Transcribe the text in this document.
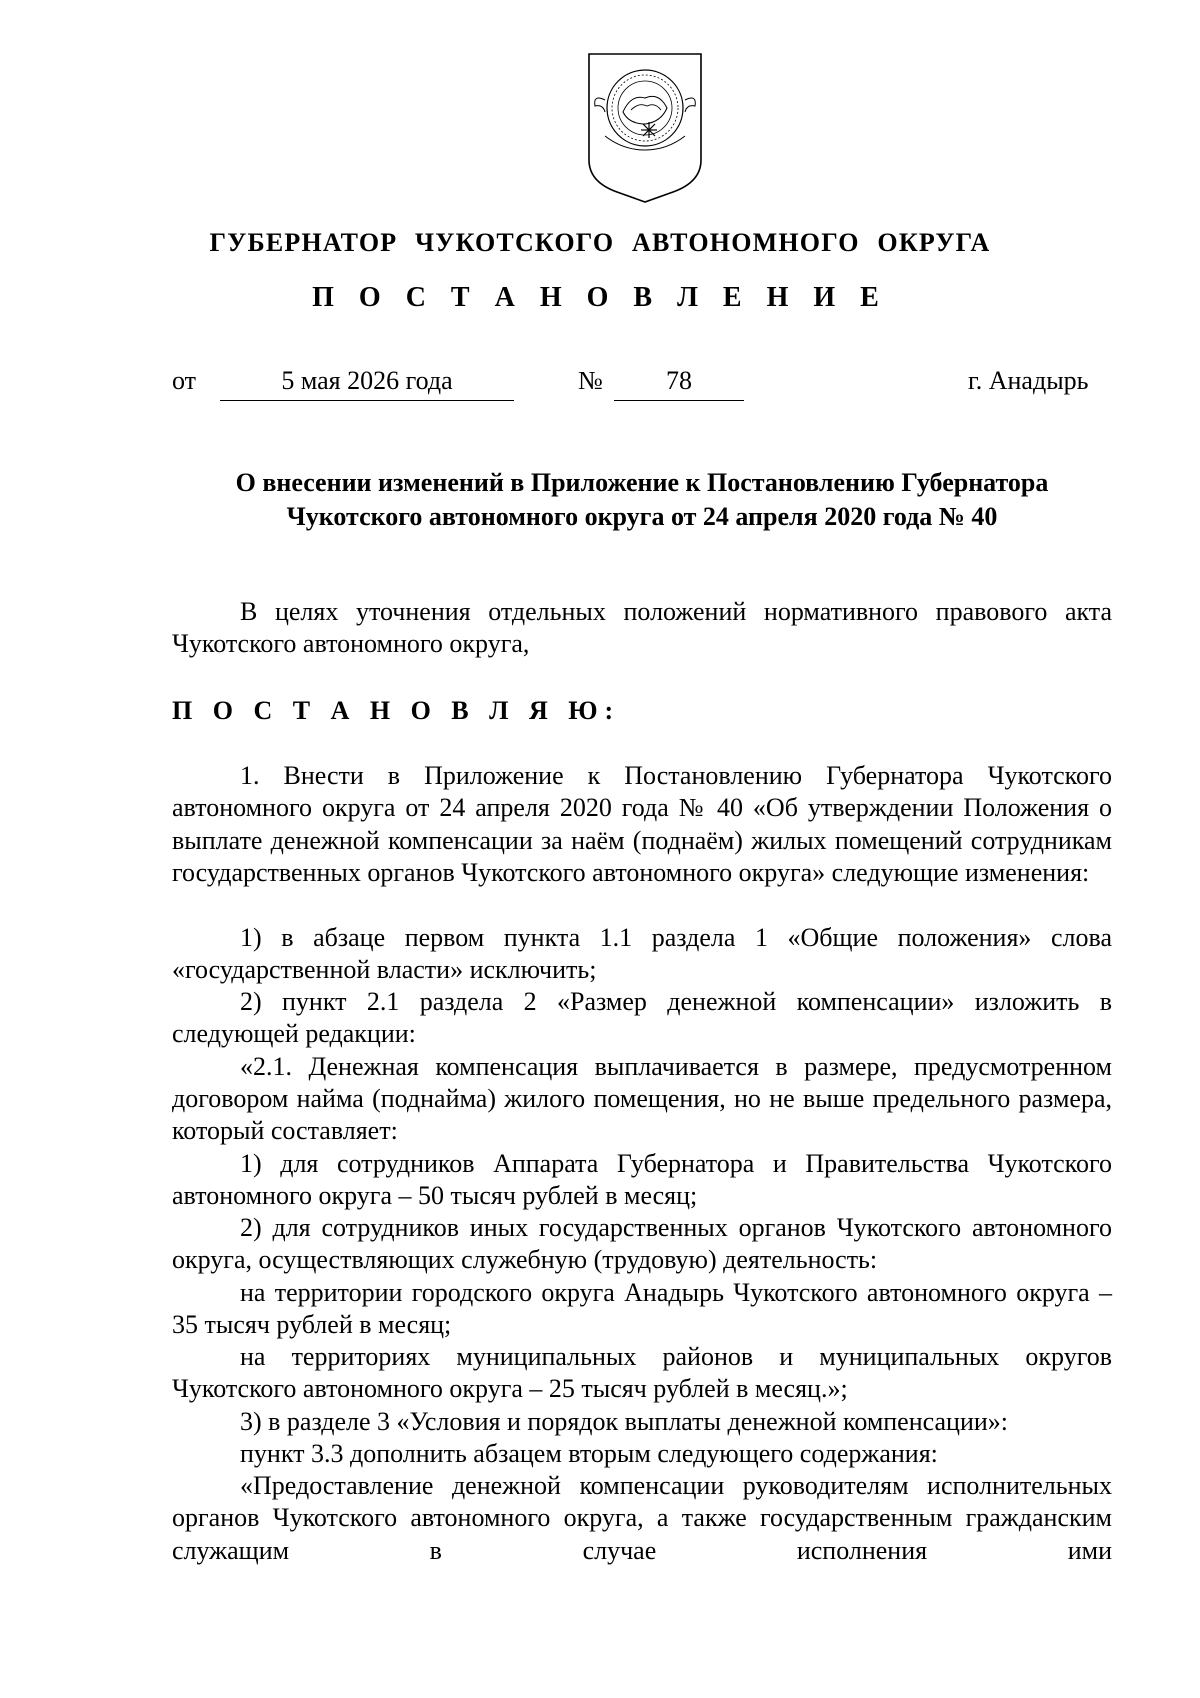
ГУБЕРНАТОР ЧУКОТСКОГО АВТОНОМНОГО ОКРУГА
П О С Т А Н О В Л Е Н И Е
от	5 мая 2026 года	№	78	г. Анадырь
О внесении изменений в Приложение к Постановлению Губернатора
Чукотского автономного округа от 24 апреля 2020 года № 40

В целях уточнения отдельных положений нормативного правового акта Чукотского автономного округа,

П О С Т А Н О В Л Я Ю:

1. Внести в Приложение к Постановлению Губернатора Чукотского автономного округа от 24 апреля 2020 года № 40 «Об утверждении Положения о выплате денежной компенсации за наём (поднаём) жилых помещений сотрудникам государственных органов Чукотского автономного округа» следующие изменения:

1) в абзаце первом пункта 1.1 раздела 1 «Общие положения» слова «государственной власти» исключить;

2) пункт 2.1 раздела 2 «Размер денежной компенсации» изложить в следующей редакции:

«2.1. Денежная компенсация выплачивается в размере, предусмотренном договором найма (поднайма) жилого помещения, но не выше предельного размера, который составляет:

1) для сотрудников Аппарата Губернатора и Правительства Чукотского автономного округа – 50 тысяч рублей в месяц;

2) для сотрудников иных государственных органов Чукотского автономного округа, осуществляющих служебную (трудовую) деятельность:

на территории городского округа Анадырь Чукотского автономного округа – 35 тысяч рублей в месяц;

на территориях муниципальных районов и муниципальных округов Чукотского автономного округа – 25 тысяч рублей в месяц.»;

3) в разделе 3 «Условия и порядок выплаты денежной компенсации»:

пункт 3.3 дополнить абзацем вторым следующего содержания:

«Предоставление денежной компенсации руководителям исполнительных органов Чукотского автономного округа, а также государственным гражданским служащим в случае исполнения ими
